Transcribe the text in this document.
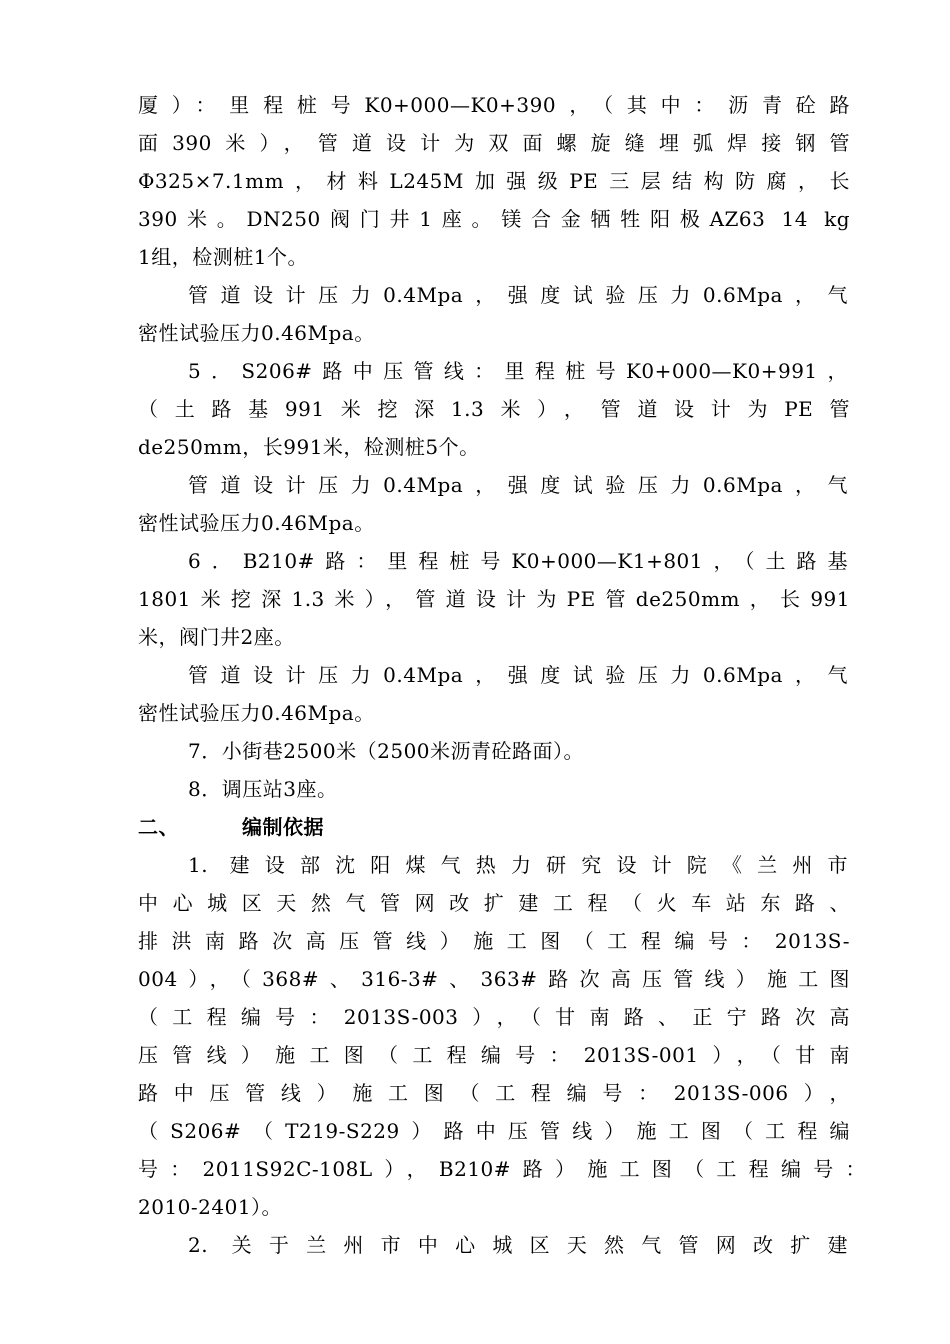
厦）：里程桩号K0+000—K0+390，（其中：沥青砼路
面390米），管道设计为双面螺旋缝埋弧焊接钢管
Φ325×7.1mm，材料L245M加强级PE三层结构防腐，长
390米。DN250阀门井1座。镁合金牺牲阳极AZ63 14 kg
1组，检测桩1个。
管道设计压力0.4Mpa，强度试验压力0.6Mpa，气
密性试验压力0.46Mpa。
5．S206#路中压管线：里程桩号K0+000—K0+991，
（土路基991米挖深1.3米），管道设计为PE管
de250mm，长991米，检测桩5个。
管道设计压力0.4Mpa，强度试验压力0.6Mpa，气
密性试验压力0.46Mpa。
6．B210#路：里程桩号K0+000—K1+801，（土路基
1801米挖深1.3米），管道设计为PE管de250mm，长991
米，阀门井2座。
管道设计压力0.4Mpa，强度试验压力0.6Mpa，气
密性试验压力0.46Mpa。
7．小街巷2500米（2500米沥青砼路面）。
8．调压站3座。
二、	编制依据
1. 建设部沈阳煤气热力研究设计院《兰州市
中心城区天然气管网改扩建工程（火车站东路、
排洪南路次高压管线）施工图（工程编号：2013S-
004），（368#、316-3#、363#路次高压管线）施工图
（工程编号：2013S-003），（甘南路、正宁路次高
压管线）施工图（工程编号：2013S-001），（甘南
路中压管线）施工图（工程编号：2013S-006），
（S206#（T219-S229）路中压管线）施工图（工程编
号：2011S92C-108L），B210#路）施工图（工程编号：
2010-2401）。
2. 关于兰州市中心城区天然气管网改扩建
